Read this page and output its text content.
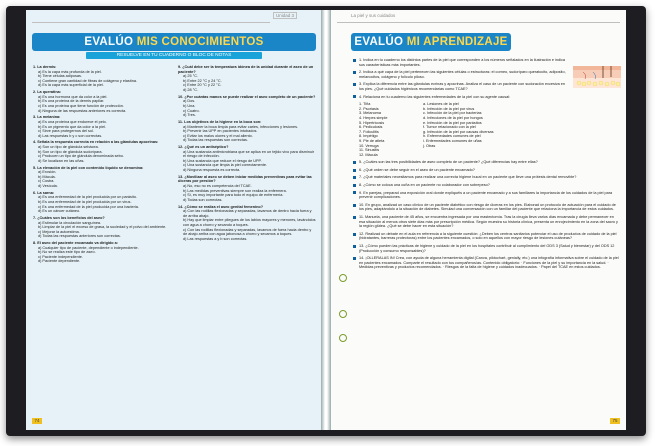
Unidad 3
EVALÚO MIS CONOCIMIENTOS
RESUELVE EN TU CUADERNO O BLOC DE NOTAS
1. La dermis:
a) Es la capa más profunda de la piel.
b) Tiene células adiposas.
c) Contiene gran cantidad de fibras de colágeno y elastina.
d) Es la capa más superficial de la piel.
2. La queratina:
a) Es una hormona que da color a la piel.
b) Es una proteína de la dermis papilar.
c) Es una proteína que tiene función de protección.
d) Ninguna de las respuestas anteriores es correcta.
3. La melanina:
a) Es una proteína que endurece el pelo.
b) Es un pigmento que da color a la piel.
c) Sirve para protegernos del sol.
d) Las respuestas b y c son correctas.
4. Señala la respuesta correcta en relación a las glándulas apocrinas:
a) Son un tipo de glándula sebácea.
b) Son un tipo de glándula sudorípara.
c) Producen un tipo de glándula denominada sebo.
d) Se localizan en las uñas.
5. La elevación de la piel con contenido líquido se denomina:
a) Erosión.
b) Mácula.
c) Costra.
d) Vesícula.
6. La sarna:
a) Es una enfermedad de la piel producida por un parásito.
b) Es una enfermedad de la piel producida por un virus.
c) Es una enfermedad de la piel producida por una bacteria.
d) Es un cáncer cutáneo.
7. ¿Cuáles son los beneficios del aseo?
a) Estimular la circulación sanguínea.
b) Limpiar de la piel el exceso de grasa, la suciedad y el polvo del ambiente.
c) Mejorar la autoestima.
d) Todas las respuestas anteriores son correctas.
8. El aseo del paciente encamado va dirigido a:
a) Cualquier tipo de paciente, dependiente o independiente.
b) No se realiza este tipo de aseo.
c) Paciente independiente.
d) Paciente dependiente.
9. ¿Cuál debe ser la temperatura idónea de la unidad durante el aseo de un paciente?
a) 25 °C.
b) Entre 22 °C y 24 °C.
c) Entre 20 °C y 22 °C.
d) 28 °C.
10. ¿Por cuántas manos se puede realizar el aseo completo de un paciente?
a) Dos.
b) Una.
c) Cuatro.
d) Tres.
11. Los objetivos de la higiene en la boca son:
a) Mantener la boca limpia para evitar caries, infecciones y lesiones.
b) Prevenir las UPP en pacientes intubados.
c) Evitar los malos olores y el mal aliento.
d) Todas las respuestas son correctas.
12. ¿Qué es un antiséptico?
a) Una sustancia antimicrobiana que se aplica en un tejido vivo para disminuir el riesgo de infección.
b) Una sustancia que reduce el riesgo de UPP.
c) Una sustancia que limpia la piel correctamente.
d) Ninguna respuesta es correcta.
13. ¿Movilizar al aseo se deben iniciar medidas preventivas para evitar las úlceras por presión?
a) No, eso no es competencia del TCAE.
b) Las medidas preventivas siempre son realiza la enfermera.
c) Sí, es muy importante para todo el equipo de enfermería.
d) Todas son correctas.
14. ¿Cómo se realiza el aseo genital femenino?
a) Con las rodillas flexionadas y separadas, lavamos de dentro hacia fuera y de arriba abajo.
b) Hay que limpiar entre pliegues de los labios mayores y menores, lavándolos con agua a chorro y secando a toques.
c) Con las rodillas flexionadas y separadas, lavamos de fuera hacia dentro y de abajo arriba con agua jabonosa a chorro y secamos a toques.
d) Las respuestas a y b son correctas.
74
La piel y sus cuidados
EVALÚO MI APRENDIZAJE
1. Indica en tu cuaderno los distintos partes de la piel que corresponden a los números señalados en la ilustración e indica sus características más importantes.
2. Indica a qué capa de la piel pertenecen las siguientes células o estructuras: el corneo, sudoríparo queratocito, adiposito, melanocitos, colágeno y folículo piloso.
3. Explica la diferencia entre las glándulas ecrinas y apocrinas. Analiza el caso de un paciente con sudoración excesiva en los pies. ¿Qué cuidados higiénicos recomendarías como TCAE?
4. Relaciona en tu cuaderno las siguientes enfermedades de la piel con su agente causal:
1. Tiña
2. Psoriasis
3. Melanoma
4. Herpes simple
5. Hipertricosis
6. Pediculosis
7. Foliculitis
8. Impétigo
9. Pie de atleta
10. Verruga
11. Sinusitis
12. Mácula
a. Lesiones de la piel
b. Infección de la piel por virus
c. Infección de la piel por bacterias
d. Infecciones de la piel por hongos
e. Infección de la piel por parásitos
f. Tumor relacionado con la piel
g. Infección de la piel por causas diversas
h. Enfermedades comunes de piel
i. Enfermedades comunes de uñas
j. Otras
5. ¿Cuáles son las tres posibilidades de aseo completo de un paciente? ¿Qué diferencias hay entre ellas?
6. ¿Qué orden se debe seguir en el aseo de un paciente encamado?
7. ¿Qué materiales necesitamos para realizar una correcta higiene bucal en un paciente que lleve una prótesis dental removible?
8. ¿Cómo se coloca una cuña en un paciente no colaborador con sobrepeso?
9. En parejas, preparad una exposición oral donde expliquéis a un paciente encamado y a sus familiares la importancia de los cuidados de la piel para prevenir complicaciones.
10. En grupo, analizad un caso clínico de un paciente diabético con riesgo de úlceras en los pies. Elaborad un protocolo de actuación para el cuidado de los pies, adaptándolo a la situación de diabetes. Simulad una conversación con un familiar del paciente que relaciona la importancia de estos cuidados.
11. Manuela, una paciente de 45 años, se encuentra ingresada por una mastectomía. Tras la cirugía lleva varios días encamada y debe permanecer en esa situación al menos otros siete días más por prescripción médica. Según muestra su historia clínica, presenta un enrojecimiento en la zona del sacro y la región glútea. ¿Qué se debe hacer en esta situación?
12. Realizad un debate en el aula en referencia a la siguiente cuestión: ¿Deben los centros sanitarios potenciar el uso de productos de cuidado de la piel (hidratantes, barreras protectoras) entre los pacientes encamados, o solo en aquellos con mayor riesgo de lesiones cutáneas?
13. ¿Cómo pueden las prácticas de higiene y cuidado de la piel en los hospitales contribuir al cumplimiento del ODS 3 (Salud y bienestar) y del ODS 12 (Producción y consumo responsables)?
14. ¡OLLERALAS IN! Crea, con ayuda de alguna herramienta digital (Canva, piktochart, genially, etc.) una infografía informativa sobre el cuidado de la piel en pacientes encamados. Comparte el resultado con tus compañeros/as. Contenido obligatorio: · Funciones de la piel y su importancia en la salud. · Medidas preventivas y productos recomendados. · Riesgos de la falta de higiene y cuidados inadecuados. · Papel del TCAE en estos cuidados.
75
